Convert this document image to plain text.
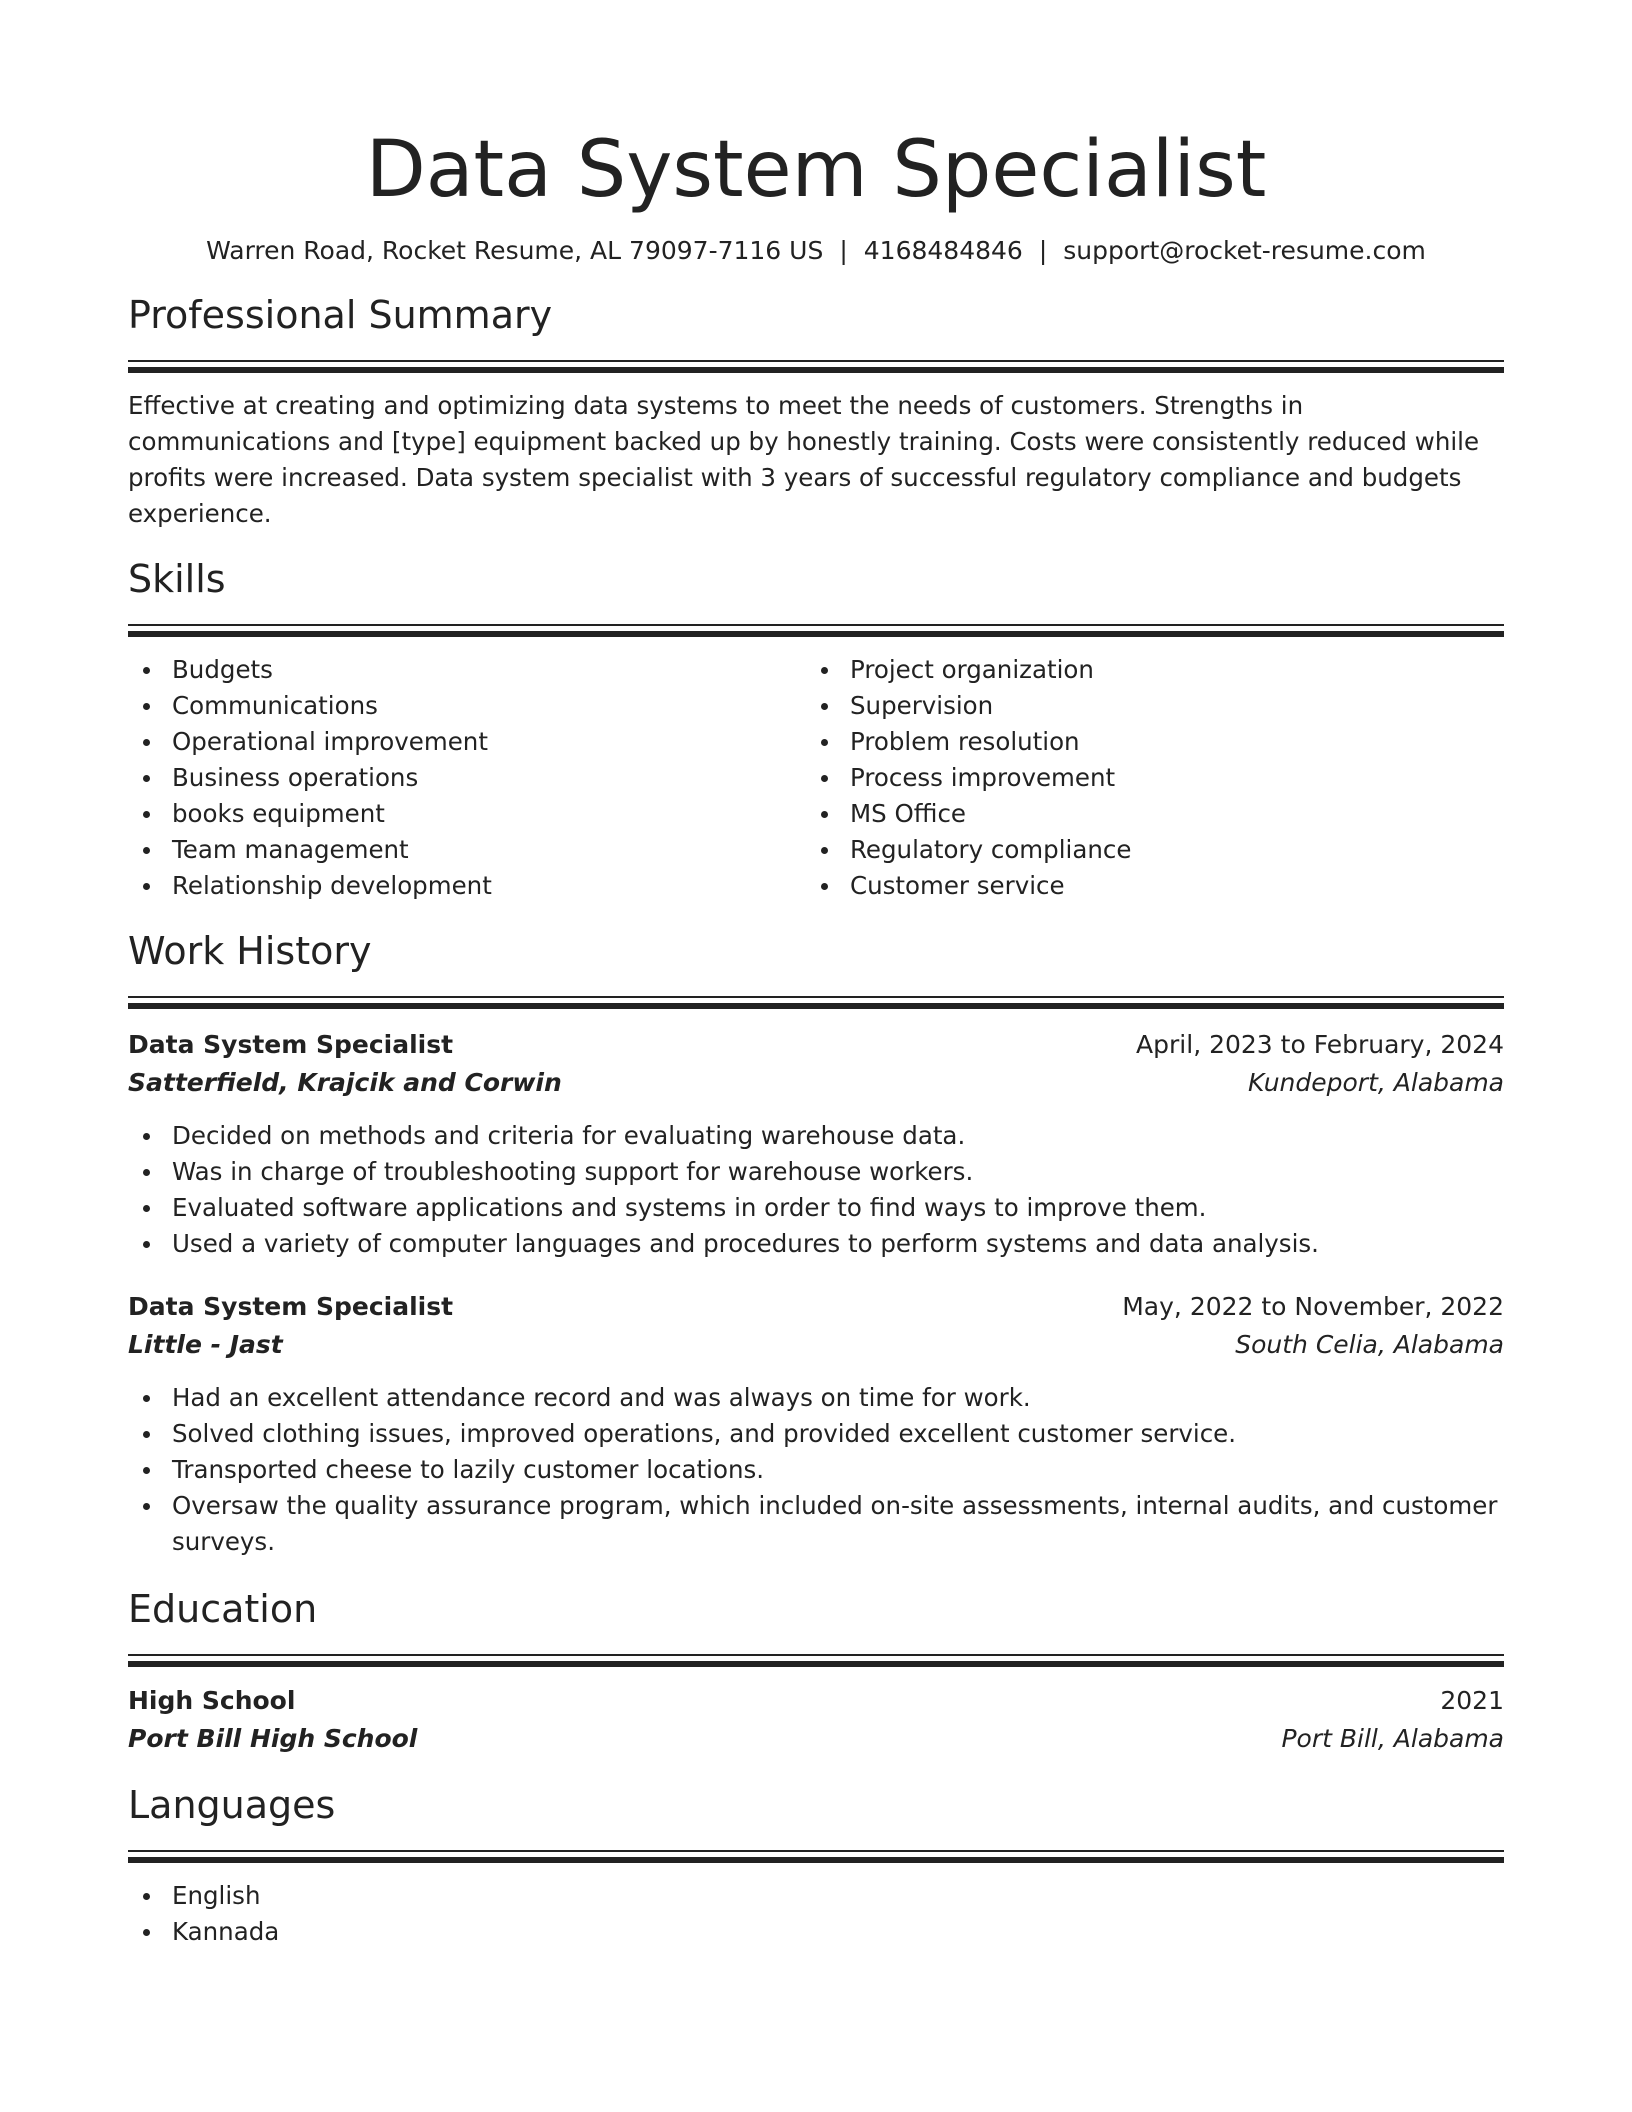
Data System Specialist
Warren Road, Rocket Resume, AL 79097-7116 US | 4168484846 | support@rocket-resume.com
Professional Summary
Effective at creating and optimizing data systems to meet the needs of customers. Strengths in communications and [type] equipment backed up by honestly training. Costs were consistently reduced while profits were increased. Data system specialist with 3 years of successful regulatory compliance and budgets experience.
Skills
Budgets
Communications
Operational improvement
Business operations
books equipment
Team management
Relationship development
Project organization
Supervision
Problem resolution
Process improvement
MS Office
Regulatory compliance
Customer service
Work History
Data System Specialist	April, 2023 to February, 2024
Satterfield, Krajcik and Corwin	Kundeport, Alabama
Decided on methods and criteria for evaluating warehouse data.
Was in charge of troubleshooting support for warehouse workers.
Evaluated software applications and systems in order to find ways to improve them.
Used a variety of computer languages and procedures to perform systems and data analysis.
Data System Specialist	May, 2022 to November, 2022
Little - Jast	South Celia, Alabama
Had an excellent attendance record and was always on time for work.
Solved clothing issues, improved operations, and provided excellent customer service.
Transported cheese to lazily customer locations.
Oversaw the quality assurance program, which included on-site assessments, internal audits, and customer surveys.
Education
High School	2021
Port Bill High School	Port Bill, Alabama
Languages
English
Kannada
